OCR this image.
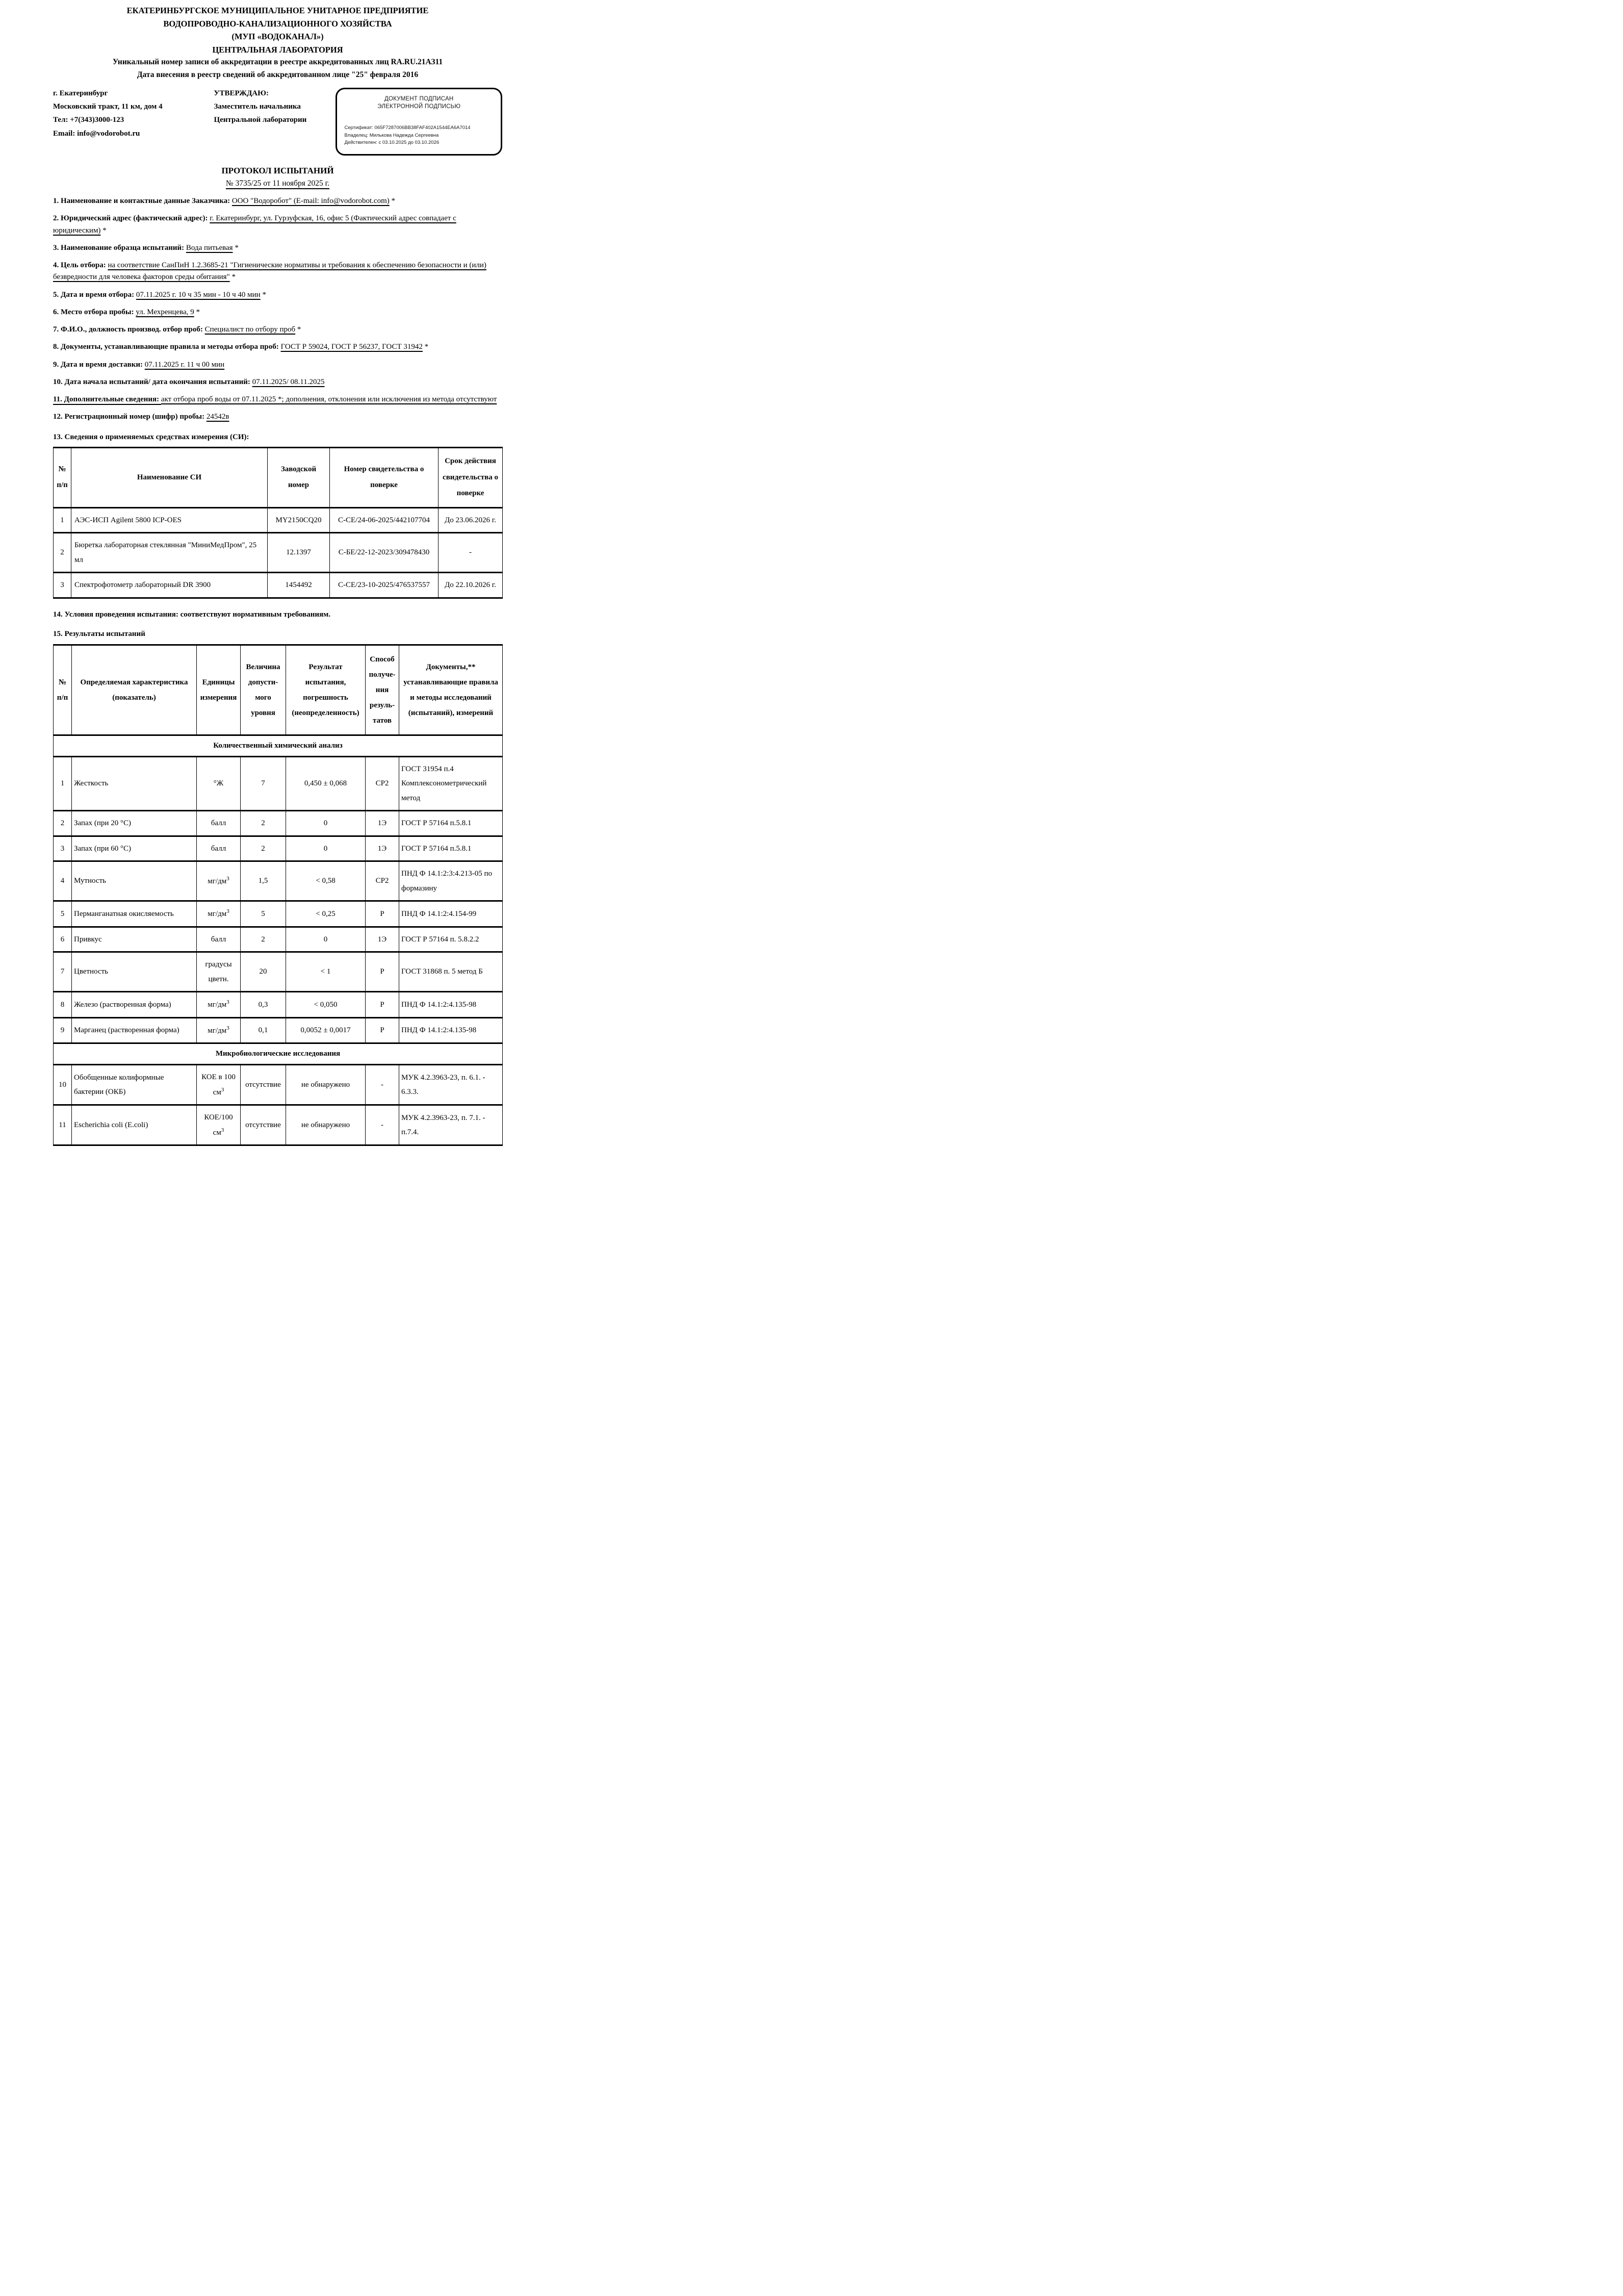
ЕКАТЕРИНБУРГСКОЕ МУНИЦИПАЛЬНОЕ УНИТАРНОЕ ПРЕДПРИЯТИЕ
ВОДОПРОВОДНО-КАНАЛИЗАЦИОННОГО ХОЗЯЙСТВА
(МУП «ВОДОКАНАЛ»)
ЦЕНТРАЛЬНАЯ ЛАБОРАТОРИЯ
Уникальный номер записи об аккредитации в реестре аккредитованных лиц RA.RU.21АЗ11
Дата внесения в реестр сведений об аккредитованном лице "25" февраля 2016
г. Екатеринбург
Московский тракт, 11 км, дом 4
Тел: +7(343)3000-123
Email: info@vodorobot.ru
УТВЕРЖДАЮ:
Заместитель начальника
Центральной лаборатории
ДОКУМЕНТ ПОДПИСАН
ЭЛЕКТРОННОЙ ПОДПИСЬЮ
Сертификат: 065F7287006BB38FAF402A1544EA6A7014
Владелец: Милькова Надежда Сергеевна
Действителен: с 03.10.2025 до 03.10.2026
ПРОТОКОЛ ИСПЫТАНИЙ
№ 3735/25 от 11 ноября 2025 г.
1. Наименование и контактные данные Заказчика: ООО "Водоробот" (E-mail: info@vodorobot.com) *
2. Юридический адрес (фактический адрес): г. Екатеринбург, ул. Гурзуфская, 16, офис 5 (Фактический адрес совпадает с юридическим) *
3. Наименование образца испытаний: Вода питьевая *
4. Цель отбора: на соответствие СанПиН 1.2.3685-21 "Гигиенические нормативы и требования к обеспечению безопасности и (или) безвредности для человека факторов среды обитания" *
5. Дата и время отбора: 07.11.2025 г. 10 ч 35 мин - 10 ч 40 мин *
6. Место отбора пробы: ул. Мехренцева, 9 *
7. Ф.И.О., должность производ. отбор проб: Специалист по отбору проб *
8. Документы, устанавливающие правила и методы отбора проб: ГОСТ Р 59024, ГОСТ Р 56237, ГОСТ 31942 *
9. Дата и время доставки: 07.11.2025 г. 11 ч 00 мин
10. Дата начала испытаний/ дата окончания испытаний: 07.11.2025/ 08.11.2025
11. Дополнительные сведения: акт отбора проб воды от 07.11.2025 *; дополнения, отклонения или исключения из метода отсутствуют
12. Регистрационный номер (шифр) пробы: 24542в
13. Сведения о применяемых средствах измерения (СИ):
№ п/п	Наименование СИ	Заводской номер	Номер свидетельства о поверке	Срок действия свидетельства о поверке
1	АЭС-ИСП Agilent 5800 ICP-OES	MY2150CQ20	С-СЕ/24-06-2025/442107704	До 23.06.2026 г.
2	Бюретка лабораторная стеклянная "МиниМедПром", 25 мл	12.1397	С-БЕ/22-12-2023/309478430	-
3	Спектрофотометр лабораторный DR 3900	1454492	С-СЕ/23-10-2025/476537557	До 22.10.2026 г.
14. Условия проведения испытания: соответствуют нормативным требованиям.
15. Результаты испытаний
№ п/п	Определяемая характеристика (показатель)	Единицы измерения	Величина допусти-мого уровня	Результат испытания, погрешность (неопределенность)	Способ получе-ния резуль-татов	Документы,** устанавливающие правила и методы исследований (испытаний), измерений
Количественный химический анализ						
1	Жесткость	°Ж	7	0,450 ± 0,068	СР2	ГОСТ 31954 п.4 Комплексонометрический метод
2	Запах (при 20 °С)	балл	2	0	1Э	ГОСТ Р 57164 п.5.8.1
3	Запах (при 60 °С)	балл	2	0	1Э	ГОСТ Р 57164 п.5.8.1
4	Мутность	$мг/дм^3$	1,5	< 0,58	СР2	ПНД Ф 14.1:2:3:4.213-05 по формазину
5	Перманганатная окисляемость	$мг/дм^3$	5	< 0,25	Р	ПНД Ф 14.1:2:4.154-99
6	Привкус	балл	2	0	1Э	ГОСТ Р 57164 п. 5.8.2.2
7	Цветность	градусы цветн.	20	< 1	Р	ГОСТ 31868 п. 5 метод Б
8	Железо (растворенная форма)	$мг/дм^3$	0,3	< 0,050	Р	ПНД Ф 14.1:2:4.135-98
9	Марганец (растворенная форма)	$мг/дм^3$	0,1	0,0052 ± 0,0017	Р	ПНД Ф 14.1:2:4.135-98
Микробиологические исследования						
10	Обобщенные колиформные бактерии (ОКБ)	КОЕ в 100 $см^3$	отсутствие	не обнаружено	-	МУК 4.2.3963-23, п. 6.1. - 6.3.3.
11	Escherichia coli (E.coli)	КОЕ/100 $см^3$	отсутствие	не обнаружено	-	МУК 4.2.3963-23, п. 7.1. - п.7.4.
